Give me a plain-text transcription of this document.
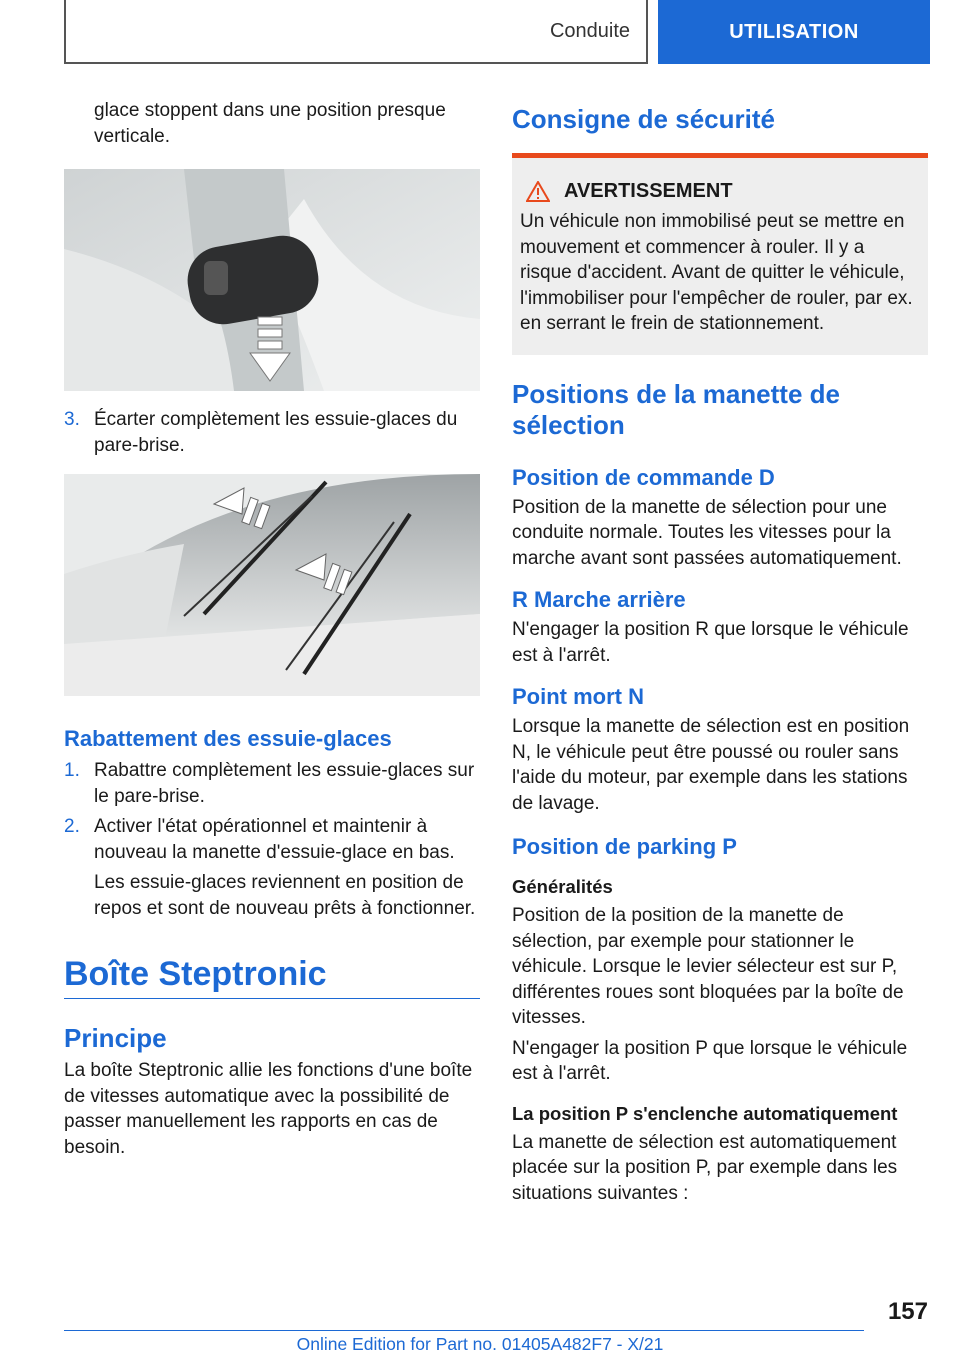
Conduite	UTILISATION

glace stoppent dans une position presque verticale.

3. Écarter complètement les essuie-glaces du pare-brise.
Rabattement des essuie-glaces
1. Rabattre complètement les essuie-glaces sur le pare-brise.
2. Activer l'état opérationnel et maintenir à nouveau la manette d'essuie-glace en bas.

Les essuie-glaces reviennent en position de repos et sont de nouveau prêts à fonctionner.

Boîte Steptronic
Principe

La boîte Steptronic allie les fonctions d'une boîte de vitesses automatique avec la possibilité de passer manuellement les rapports en cas de besoin.

Consigne de sécurité
AVERTISSEMENT

Un véhicule non immobilisé peut se mettre en mouvement et commencer à rouler. Il y a risque d'accident. Avant de quitter le véhicule, l'immobiliser pour l'empêcher de rouler, par ex. en serrant le frein de stationnement.

Positions de la manette de sélection
Position de commande D

Position de la manette de sélection pour une conduite normale. Toutes les vitesses pour la marche avant sont passées automatiquement.

R Marche arrière

N'engager la position R que lorsque le véhicule est à l'arrêt.

Point mort N

Lorsque la manette de sélection est en position N, le véhicule peut être poussé ou rouler sans l'aide du moteur, par exemple dans les stations de lavage.

Position de parking P
Généralités

Position de la position de la manette de sélection, par exemple pour stationner le véhicule. Lorsque le levier sélecteur est sur P, différentes roues sont bloquées par la boîte de vitesses.

N'engager la position P que lorsque le véhicule est à l'arrêt.

La position P s'enclenche automatiquement

La manette de sélection est automatiquement placée sur la position P, par exemple dans les situations suivantes :

157
Online Edition for Part no. 01405A482F7 - X/21
